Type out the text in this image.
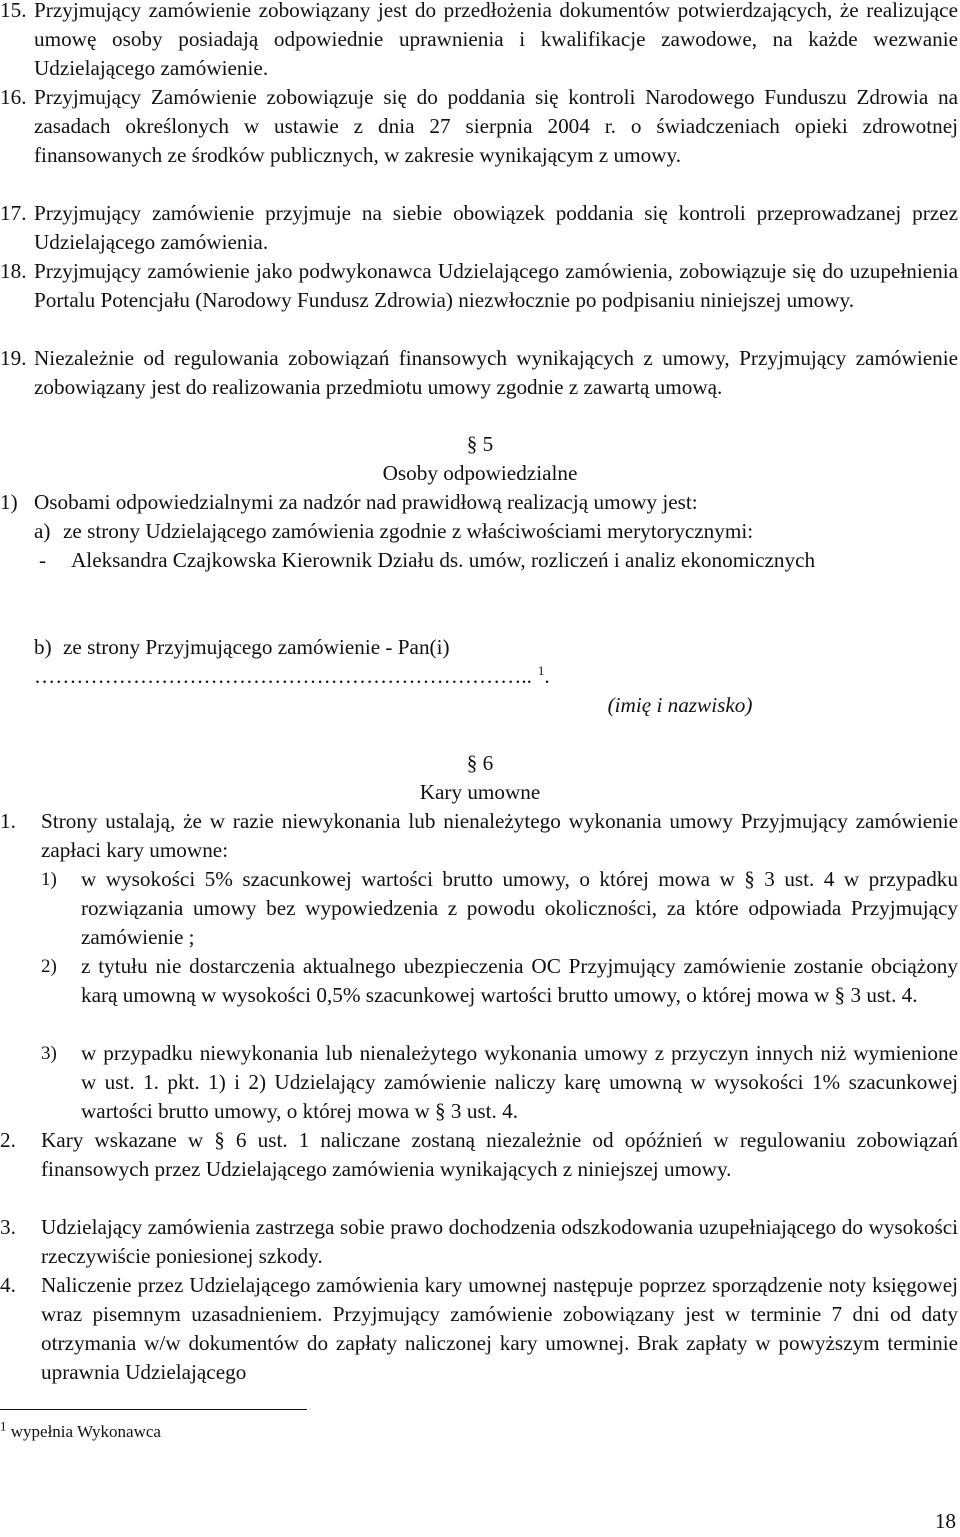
15. Przyjmujący zamówienie zobowiązany jest do przedłożenia dokumentów potwierdzających, że realizujące umowę osoby posiadają odpowiednie uprawnienia i kwalifikacje zawodowe, na każde wezwanie Udzielającego zamówienie.
16. Przyjmujący Zamówienie zobowiązuje się do poddania się kontroli Narodowego Funduszu Zdrowia na zasadach określonych w ustawie z dnia 27 sierpnia 2004 r. o świadczeniach opieki zdrowotnej finansowanych ze środków publicznych, w zakresie wynikającym z umowy.
17. Przyjmujący zamówienie przyjmuje na siebie obowiązek poddania się kontroli przeprowadzanej przez Udzielającego zamówienia.
18. Przyjmujący zamówienie jako podwykonawca Udzielającego zamówienia, zobowiązuje się do uzupełnienia Portalu Potencjału (Narodowy Fundusz Zdrowia) niezwłocznie po podpisaniu niniejszej umowy.
19. Niezależnie od regulowania zobowiązań finansowych wynikających z umowy, Przyjmujący zamówienie zobowiązany jest do realizowania przedmiotu umowy zgodnie z zawartą umową.
§ 5
Osoby odpowiedzialne
1) Osobami odpowiedzialnymi za nadzór nad prawidłową realizacją umowy jest:
a) ze strony Udzielającego zamówienia zgodnie z właściwościami merytorycznymi:
- Aleksandra Czajkowska Kierownik Działu ds. umów, rozliczeń i analiz ekonomicznych
b) ze strony Przyjmującego zamówienie - Pan(i)
…………………………………………………………….. $^1$.
(imię i nazwisko)
§ 6
Kary umowne
1. Strony ustalają, że w razie niewykonania lub nienależytego wykonania umowy Przyjmujący zamówienie zapłaci kary umowne:
1) w wysokości 5% szacunkowej wartości brutto umowy, o której mowa w § 3 ust. 4 w przypadku rozwiązania umowy bez wypowiedzenia z powodu okoliczności, za które odpowiada Przyjmujący zamówienie ;
2) z tytułu nie dostarczenia aktualnego ubezpieczenia OC Przyjmujący zamówienie zostanie obciążony karą umowną w wysokości 0,5% szacunkowej wartości brutto umowy, o której mowa w § 3 ust. 4.
3) w przypadku niewykonania lub nienależytego wykonania umowy z przyczyn innych niż wymienione w ust. 1. pkt. 1) i 2) Udzielający zamówienie naliczy karę umowną w wysokości 1% szacunkowej wartości brutto umowy, o której mowa w § 3 ust. 4.
2. Kary wskazane w § 6 ust. 1 naliczane zostaną niezależnie od opóźnień w regulowaniu zobowiązań finansowych przez Udzielającego zamówienia wynikających z niniejszej umowy.
3. Udzielający zamówienia zastrzega sobie prawo dochodzenia odszkodowania uzupełniającego do wysokości rzeczywiście poniesionej szkody.
4. Naliczenie przez Udzielającego zamówienia kary umownej następuje poprzez sporządzenie noty księgowej wraz pisemnym uzasadnieniem. Przyjmujący zamówienie zobowiązany jest w terminie 7 dni od daty otrzymania w/w dokumentów do zapłaty naliczonej kary umownej. Brak zapłaty w powyższym terminie uprawnia Udzielającego
$^1$ wypełnia Wykonawca
18
